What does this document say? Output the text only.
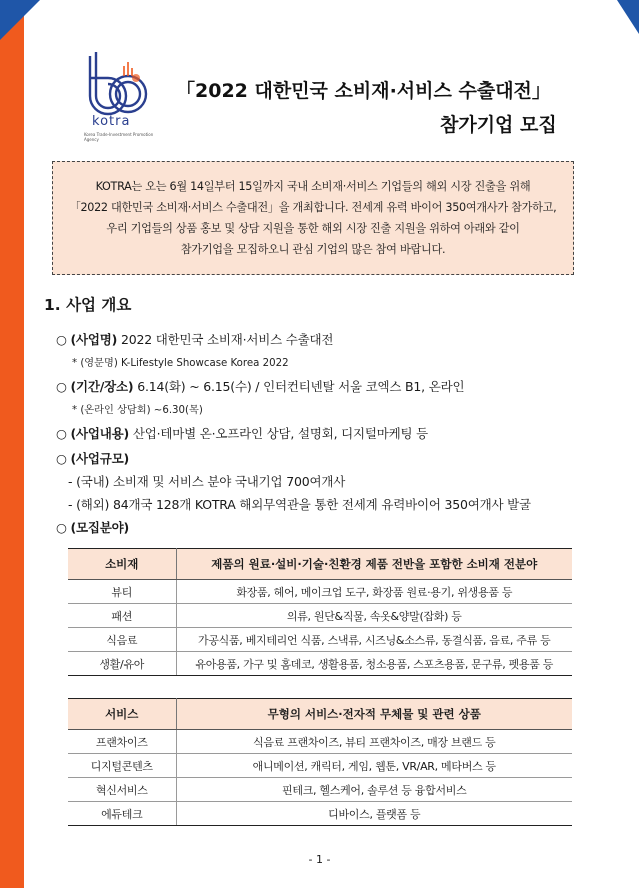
kotra
Korea Trade-Investment Promotion Agency
「2022 대한민국 소비재·서비스 수출대전」
참가기업 모집

KOTRA는 오는 6월 14일부터 15일까지 국내 소비재·서비스 기업들의 해외 시장 진출을 위해

「2022 대한민국 소비재·서비스 수출대전」을 개최합니다. 전세계 유력 바이어 350여개사가 참가하고,

우리 기업들의 상품 홍보 및 상담 지원을 통한 해외 시장 진출 지원을 위하여 아래와 같이

참가기업을 모집하오니 관심 기업의 많은 참여 바랍니다.

1. 사업 개요
○ (사업명) 2022 대한민국 소비재·서비스 수출대전
* (영문명) K-Lifestyle Showcase Korea 2022
○ (기간/장소) 6.14(화) ~ 6.15(수) / 인터컨티넨탈 서울 코엑스 B1, 온라인
* (온라인 상담회) ~6.30(목)
○ (사업내용) 산업·테마별 온·오프라인 상담, 설명회, 디지털마케팅 등
○ (사업규모)
- (국내) 소비재 및 서비스 분야 국내기업 700여개사
- (해외) 84개국 128개 KOTRA 해외무역관을 통한 전세계 유력바이어 350여개사 발굴
○ (모집분야)
소비재	제품의 원료·설비·기술·친환경 제품 전반을 포함한 소비재 전분야
뷰티	화장품, 헤어, 메이크업 도구, 화장품 원료·용기, 위생용품 등
패션	의류, 원단&직물, 속옷&양말(잡화) 등
식음료	가공식품, 베지테리언 식품, 스낵류, 시즈닝&소스류, 동결식품, 음료, 주류 등
생활/유아	유아용품, 가구 및 홈데코, 생활용품, 청소용품, 스포츠용품, 문구류, 펫용품 등
서비스	무형의 서비스·전자적 무체물 및 관련 상품
프랜차이즈	식음료 프랜차이즈, 뷰티 프랜차이즈, 매장 브랜드 등
디지털콘텐츠	애니메이션, 캐릭터, 게임, 웹툰, VR/AR, 메타버스 등
혁신서비스	핀테크, 헬스케어, 솔루션 등 융합서비스
에듀테크	디바이스, 플랫폼 등
- 1 -
